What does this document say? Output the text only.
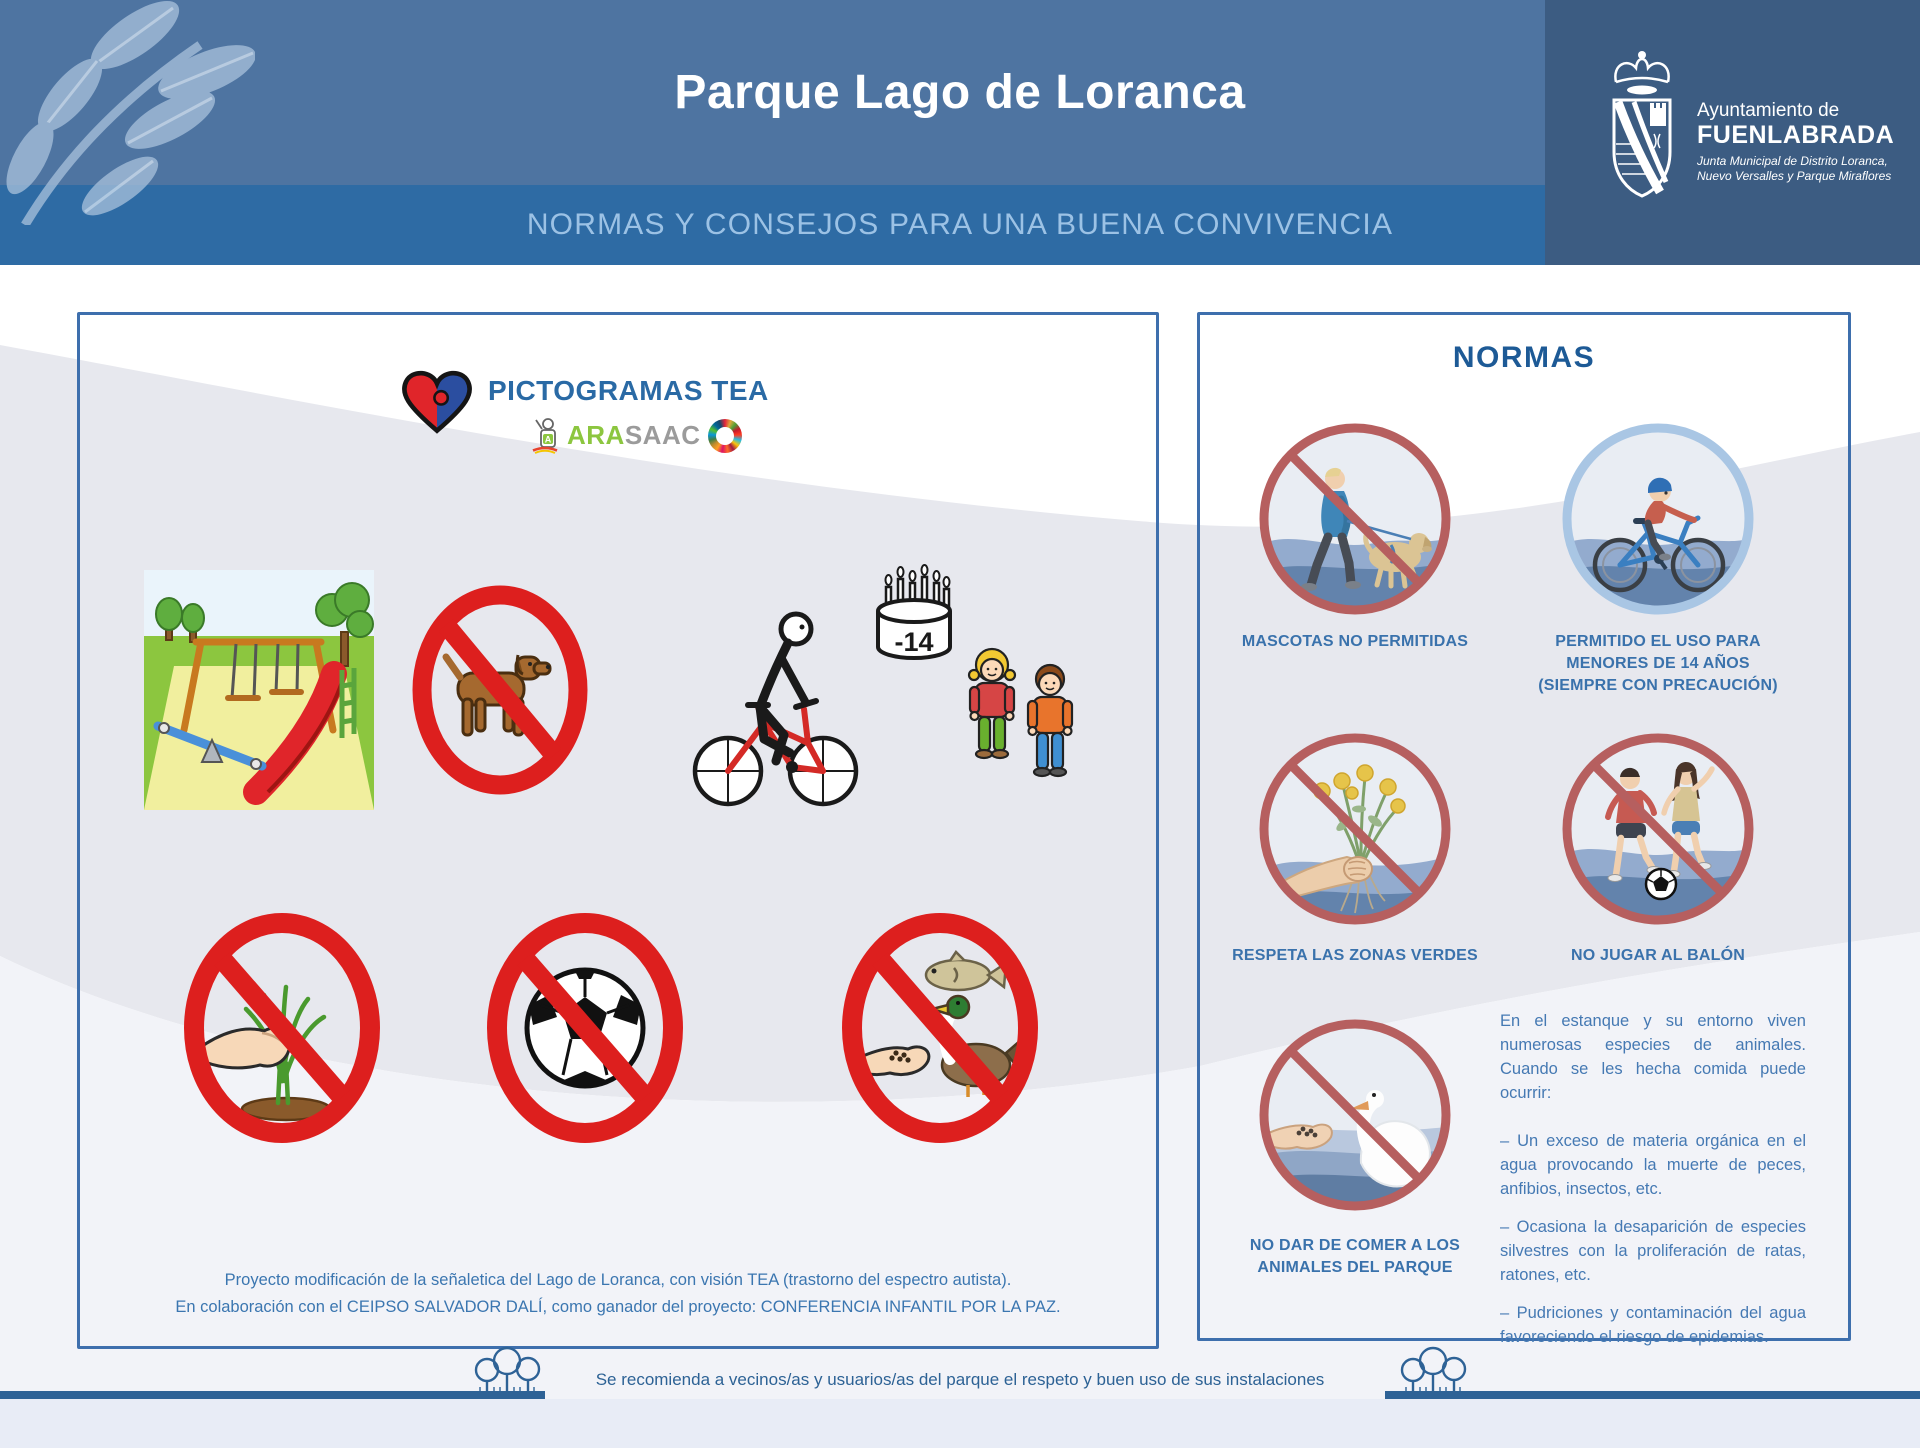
Parque Lago de Loranca
NORMAS Y CONSEJOS PARA UNA BUENA CONVIVENCIA
Ayuntamiento de
FUENLABRADA
Junta Municipal de Distrito Loranca,
Nuevo Versalles y Parque Miraflores
PICTOGRAMAS TEA
A ARASAAC
-14
Proyecto modificación de la señaletica del Lago de Loranca, con visión TEA (trastorno del espectro autista).
En colaboración con el CEIPSO SALVADOR DALÍ, como ganador del proyecto: CONFERENCIA INFANTIL POR LA PAZ.
NORMAS
MASCOTAS NO PERMITIDAS	PERMITIDO EL USO PARA MENORES DE 14 AÑOS (SIEMPRE CON PRECAUCIÓN)
RESPETA LAS ZONAS VERDES	NO JUGAR AL BALÓN
NO DAR DE COMER A LOS ANIMALES DEL PARQUE

En el estanque y su entorno viven numerosas especies de animales. Cuando se les hecha comida puede ocurrir:

– Un exceso de materia orgánica en el agua provocando la muerte de peces, anfibios, insectos, etc.

– Ocasiona la desaparición de especies silvestres con la proliferación de ratas, ratones, etc.

– Pudriciones y contaminación del agua favoreciendo el riesgo de epidemias.

Se recomienda a vecinos/as y usuarios/as del parque el respeto y buen uso de sus instalaciones
